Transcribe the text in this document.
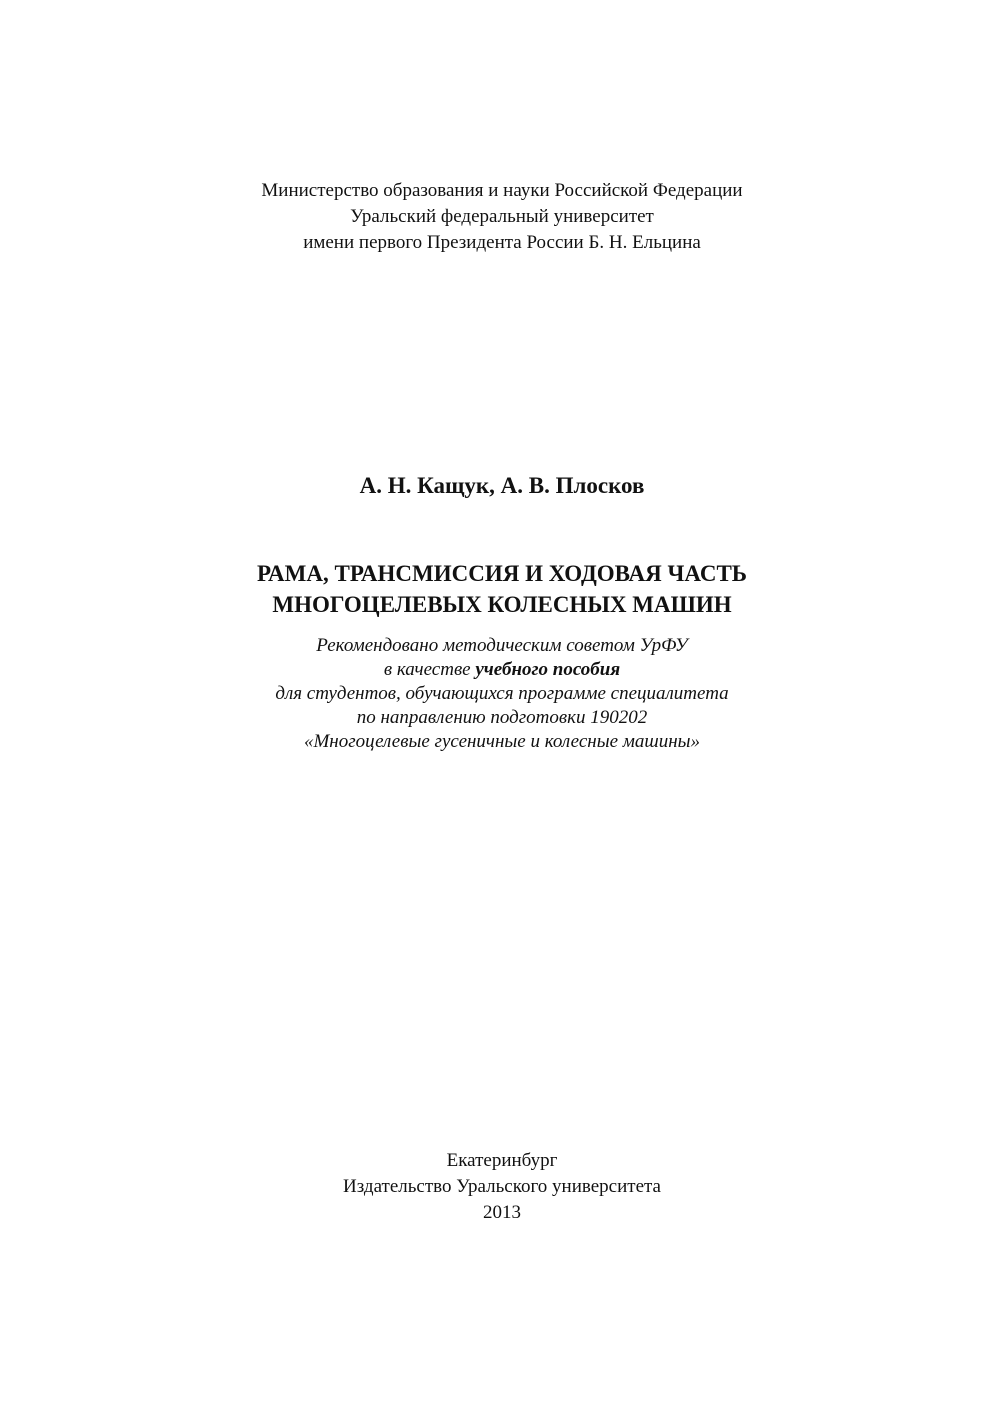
Министерство образования и науки Российской Федерации
Уральский федеральный университет
имени первого Президента России Б. Н. Ельцина
А. Н. Кащук, А. В. Плосков
РАМА, ТРАНСМИССИЯ И ХОДОВАЯ ЧАСТЬ
МНОГОЦЕЛЕВЫХ КОЛЕСНЫХ МАШИН
Рекомендовано методическим советом УрФУ
в качестве учебного пособия
для студентов, обучающихся программе специалитета
по направлению подготовки 190202
«Многоцелевые гусеничные и колесные машины»
Екатеринбург
Издательство Уральского университета
2013
